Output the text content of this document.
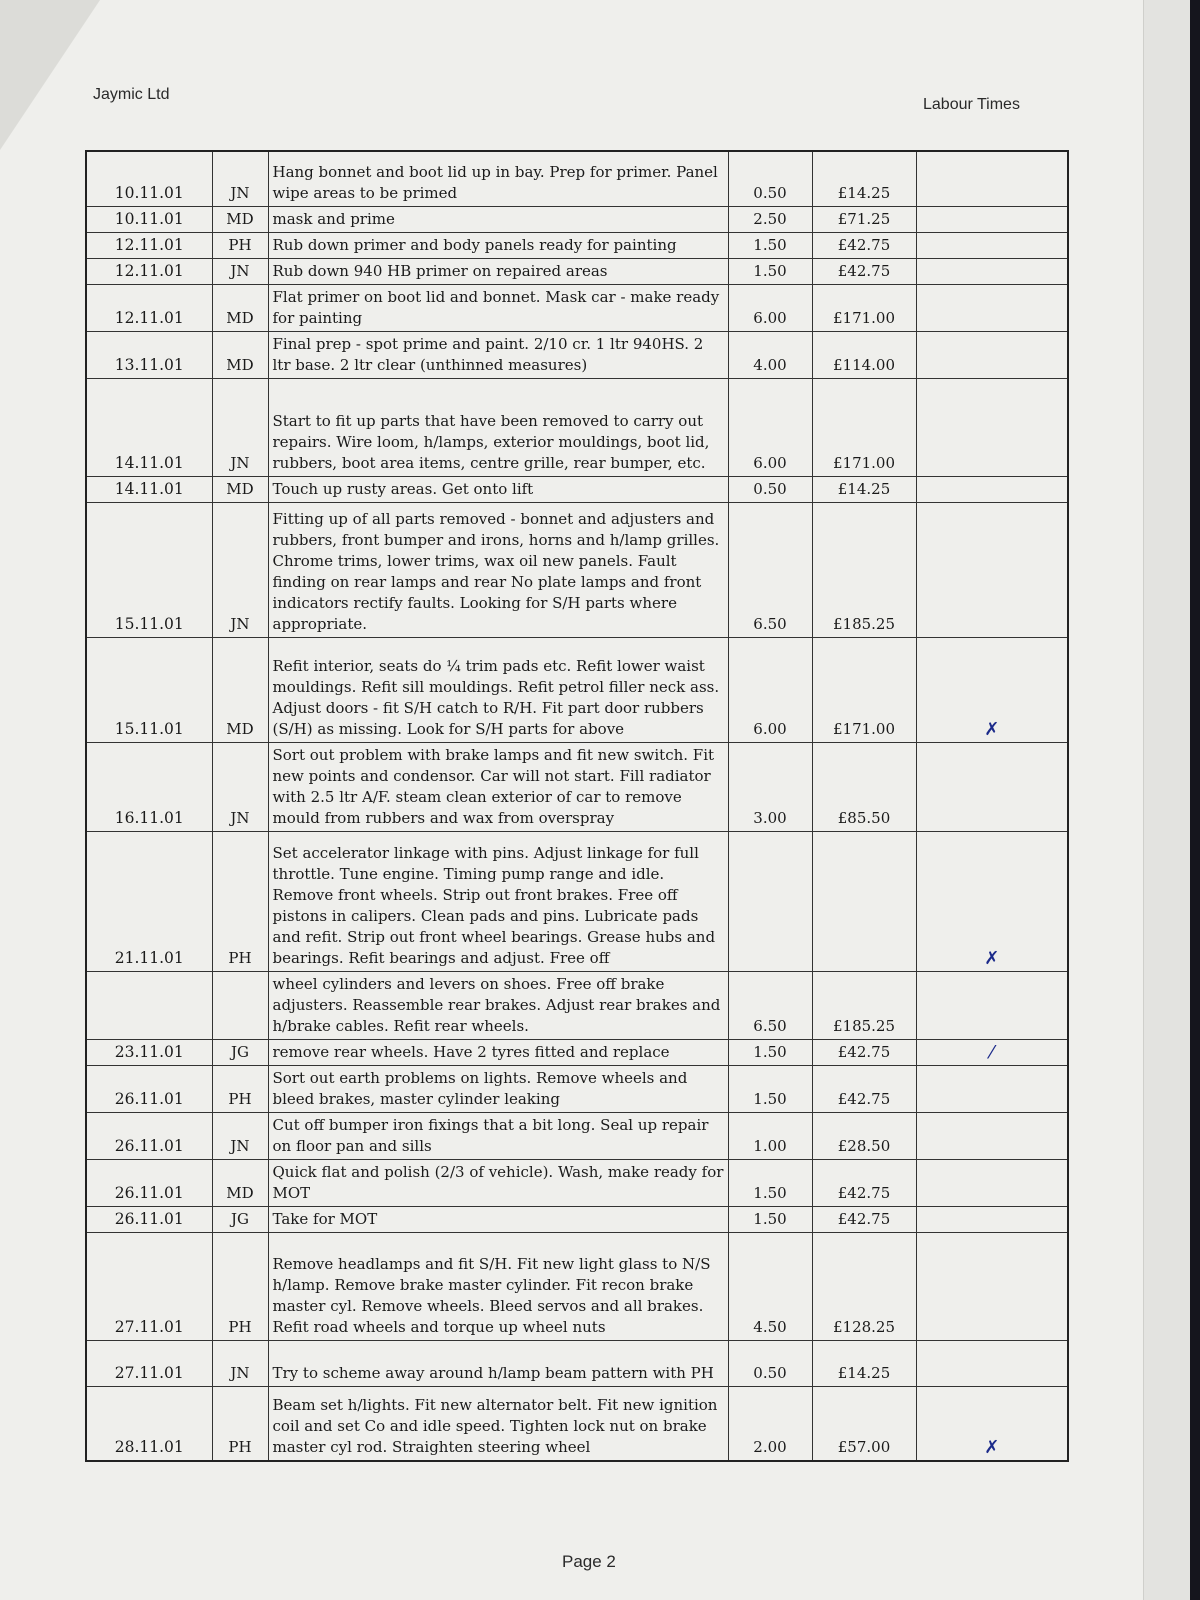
Jaymic Ltd
Labour Times
10.11.01	JN	Hang bonnet and boot lid up in bay. Prep for primer. Panel wipe areas to be primed	0.50	£14.25	
10.11.01	MD	mask and prime	2.50	£71.25	
12.11.01	PH	Rub down primer and body panels ready for painting	1.50	£42.75	
12.11.01	JN	Rub down 940 HB primer on repaired areas	1.50	£42.75	
12.11.01	MD	Flat primer on boot lid and bonnet. Mask car - make ready for painting	6.00	£171.00	
13.11.01	MD	Final prep - spot prime and paint. 2/10 cr. 1 ltr 940HS. 2 ltr base. 2 ltr clear (unthinned measures)	4.00	£114.00	
14.11.01	JN	Start to fit up parts that have been removed to carry out repairs. Wire loom, h/lamps, exterior mouldings, boot lid, rubbers, boot area items, centre grille, rear bumper, etc.	6.00	£171.00	
14.11.01	MD	Touch up rusty areas. Get onto lift	0.50	£14.25	
15.11.01	JN	Fitting up of all parts removed - bonnet and adjusters and rubbers, front bumper and irons, horns and h/lamp grilles. Chrome trims, lower trims, wax oil new panels. Fault finding on rear lamps and rear No plate lamps and front indicators rectify faults. Looking for S/H parts where appropriate.	6.50	£185.25	
15.11.01	MD	Refit interior, seats do ¼ trim pads etc. Refit lower waist mouldings. Refit sill mouldings. Refit petrol filler neck ass. Adjust doors - fit S/H catch to R/H. Fit part door rubbers (S/H) as missing. Look for S/H parts for above	6.00	£171.00	✗
16.11.01	JN	Sort out problem with brake lamps and fit new switch. Fit new points and condensor. Car will not start. Fill radiator with 2.5 ltr A/F. steam clean exterior of car to remove mould from rubbers and wax from overspray	3.00	£85.50	
21.11.01	PH	Set accelerator linkage with pins. Adjust linkage for full throttle. Tune engine. Timing pump range and idle. Remove front wheels. Strip out front brakes. Free off pistons in calipers. Clean pads and pins. Lubricate pads and refit. Strip out front wheel bearings. Grease hubs and bearings. Refit bearings and adjust. Free off			✗
		wheel cylinders and levers on shoes. Free off brake adjusters. Reassemble rear brakes. Adjust rear brakes and h/brake cables. Refit rear wheels.	6.50	£185.25	
23.11.01	JG	remove rear wheels. Have 2 tyres fitted and replace	1.50	£42.75	⁄
26.11.01	PH	Sort out earth problems on lights. Remove wheels and bleed brakes, master cylinder leaking	1.50	£42.75	
26.11.01	JN	Cut off bumper iron fixings that a bit long. Seal up repair on floor pan and sills	1.00	£28.50	
26.11.01	MD	Quick flat and polish (2/3 of vehicle). Wash, make ready for MOT	1.50	£42.75	
26.11.01	JG	Take for MOT	1.50	£42.75	
27.11.01	PH	Remove headlamps and fit S/H. Fit new light glass to N/S h/lamp. Remove brake master cylinder. Fit recon brake master cyl. Remove wheels. Bleed servos and all brakes. Refit road wheels and torque up wheel nuts	4.50	£128.25	
27.11.01	JN	Try to scheme away around h/lamp beam pattern with PH	0.50	£14.25	
28.11.01	PH	Beam set h/lights. Fit new alternator belt. Fit new ignition coil and set Co and idle speed. Tighten lock nut on brake master cyl rod. Straighten steering wheel	2.00	£57.00	✗
Page 2
